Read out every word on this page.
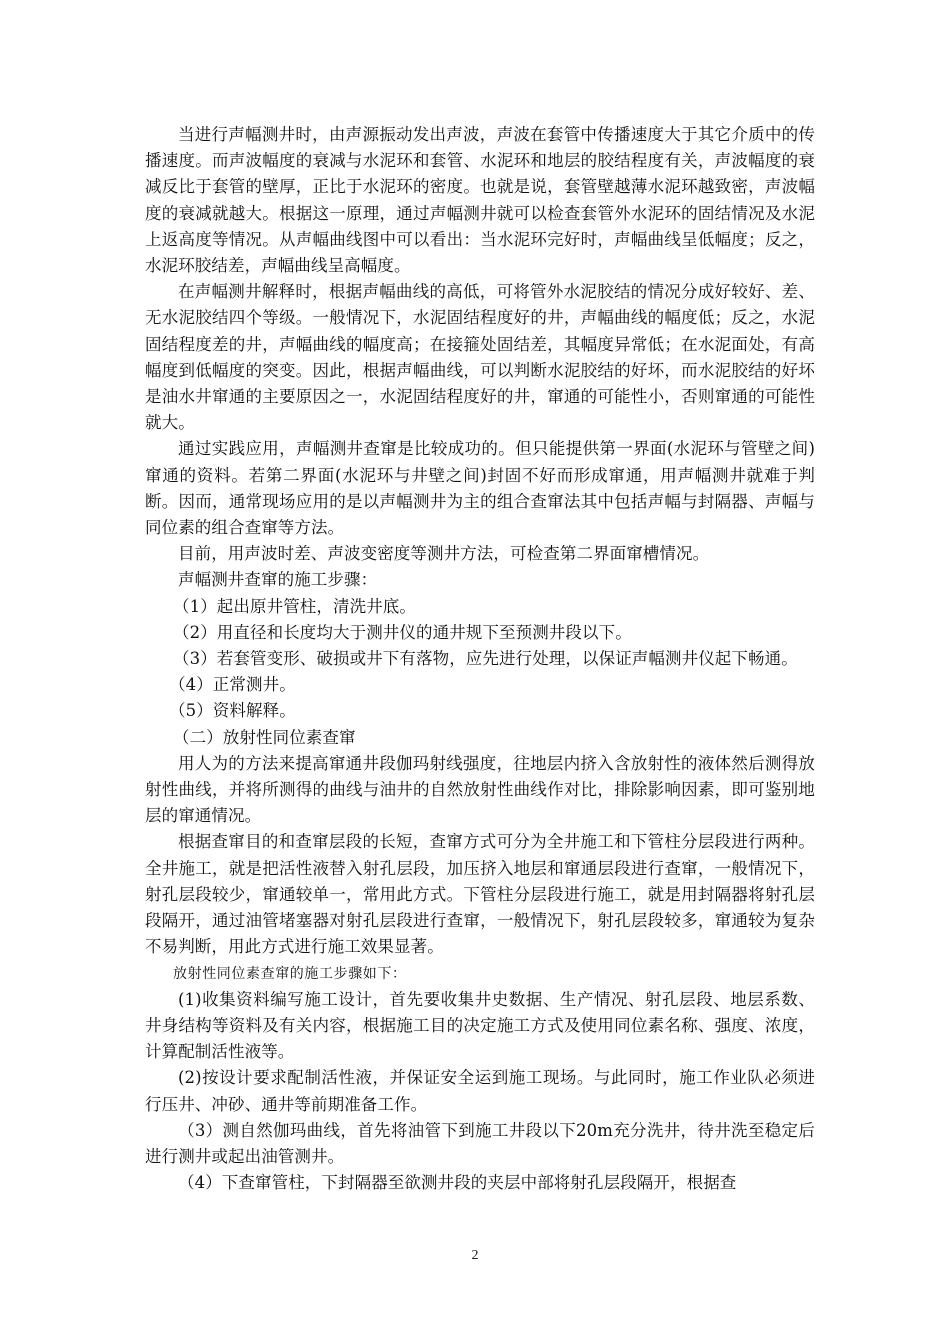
当进行声幅测井时，由声源振动发出声波，声波在套管中传播速度大于其它介质中的传播速度。而声波幅度的衰减与水泥环和套管、水泥环和地层的胶结程度有关，声波幅度的衰减反比于套管的壁厚，正比于水泥环的密度。也就是说，套管壁越薄水泥环越致密，声波幅度的衰减就越大。根据这一原理，通过声幅测井就可以检查套管外水泥环的固结情况及水泥上返高度等情况。从声幅曲线图中可以看出：当水泥环完好时，声幅曲线呈低幅度；反之，水泥环胶结差，声幅曲线呈高幅度。

在声幅测井解释时，根据声幅曲线的高低，可将管外水泥胶结的情况分成好较好、差、无水泥胶结四个等级。一般情况下，水泥固结程度好的井，声幅曲线的幅度低；反之，水泥固结程度差的井，声幅曲线的幅度高；在接箍处固结差，其幅度异常低；在水泥面处，有高幅度到低幅度的突变。因此，根据声幅曲线，可以判断水泥胶结的好坏，而水泥胶结的好坏是油水井窜通的主要原因之一，水泥固结程度好的井，窜通的可能性小，否则窜通的可能性就大。

通过实践应用，声幅测井查窜是比较成功的。但只能提供第一界面(水泥环与管壁之间)窜通的资料。若第二界面(水泥环与井壁之间)封固不好而形成窜通，用声幅测井就难于判断。因而，通常现场应用的是以声幅测井为主的组合查窜法其中包括声幅与封隔器、声幅与同位素的组合查窜等方法。

目前，用声波时差、声波变密度等测井方法，可检查第二界面窜槽情况。

声幅测井查窜的施工步骤：

（1）起出原井管柱，清洗井底。

（2）用直径和长度均大于测井仪的通井规下至预测井段以下。

（3）若套管变形、破损或井下有落物，应先进行处理，以保证声幅测井仪起下畅通。

（4）正常测井。

（5）资料解释。

（二）放射性同位素查窜

用人为的方法来提高窜通井段伽玛射线强度，往地层内挤入含放射性的液体然后测得放射性曲线，并将所测得的曲线与油井的自然放射性曲线作对比，排除影响因素，即可鉴别地层的窜通情况。

根据查窜目的和查窜层段的长短，查窜方式可分为全井施工和下管柱分层段进行两种。全井施工，就是把活性液替入射孔层段，加压挤入地层和窜通层段进行查窜，一般情况下，射孔层段较少，窜通较单一，常用此方式。下管柱分层段进行施工，就是用封隔器将射孔层段隔开，通过油管堵塞器对射孔层段进行查窜，一般情况下，射孔层段较多，窜通较为复杂不易判断，用此方式进行施工效果显著。

放射性同位素查窜的施工步骤如下：

(1)收集资料编写施工设计，首先要收集井史数据、生产情况、射孔层段、地层系数、井身结构等资料及有关内容，根据施工目的决定施工方式及使用同位素名称、强度、浓度，计算配制活性液等。

(2)按设计要求配制活性液，并保证安全运到施工现场。与此同时，施工作业队必须进行压井、冲砂、通井等前期准备工作。

（3）测自然伽玛曲线，首先将油管下到施工井段以下20m充分洗井，待井洗至稳定后进行测井或起出油管测井。

（4）下查窜管柱，下封隔器至欲测井段的夹层中部将射孔层段隔开，根据查

2
